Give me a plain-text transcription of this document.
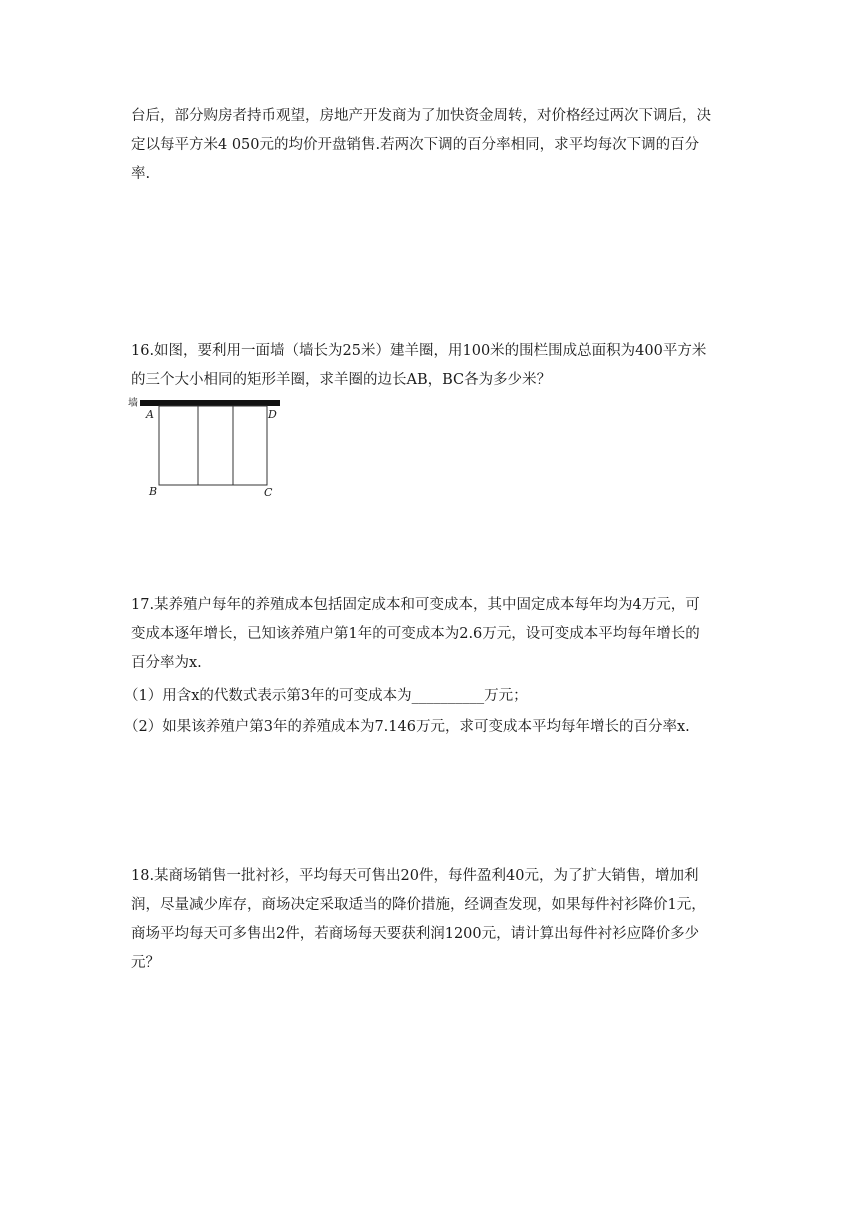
台后，部分购房者持币观望，房地产开发商为了加快资金周转，对价格经过两次下调后，决
定以每平方米4 050元的均价开盘销售.若两次下调的百分率相同，求平均每次下调的百分
率.
16.如图，要利用一面墙（墙长为25米）建羊圈，用100米的围栏围成总面积为400平方米
的三个大小相同的矩形羊圈，求羊圈的边长AB，BC各为多少米？
墙
A	D
B	C
17.某养殖户每年的养殖成本包括固定成本和可变成本，其中固定成本每年均为4万元，可
变成本逐年增长，已知该养殖户第1年的可变成本为2.6万元，设可变成本平均每年增长的
百分率为x.
（1）用含x的代数式表示第3年的可变成本为__________万元；
（2）如果该养殖户第3年的养殖成本为7.146万元，求可变成本平均每年增长的百分率x.
18.某商场销售一批衬衫，平均每天可售出20件，每件盈利40元，为了扩大销售，增加利
润，尽量减少库存，商场决定采取适当的降价措施，经调查发现，如果每件衬衫降价1元，
商场平均每天可多售出2件，若商场每天要获利润1200元，请计算出每件衬衫应降价多少
元？
